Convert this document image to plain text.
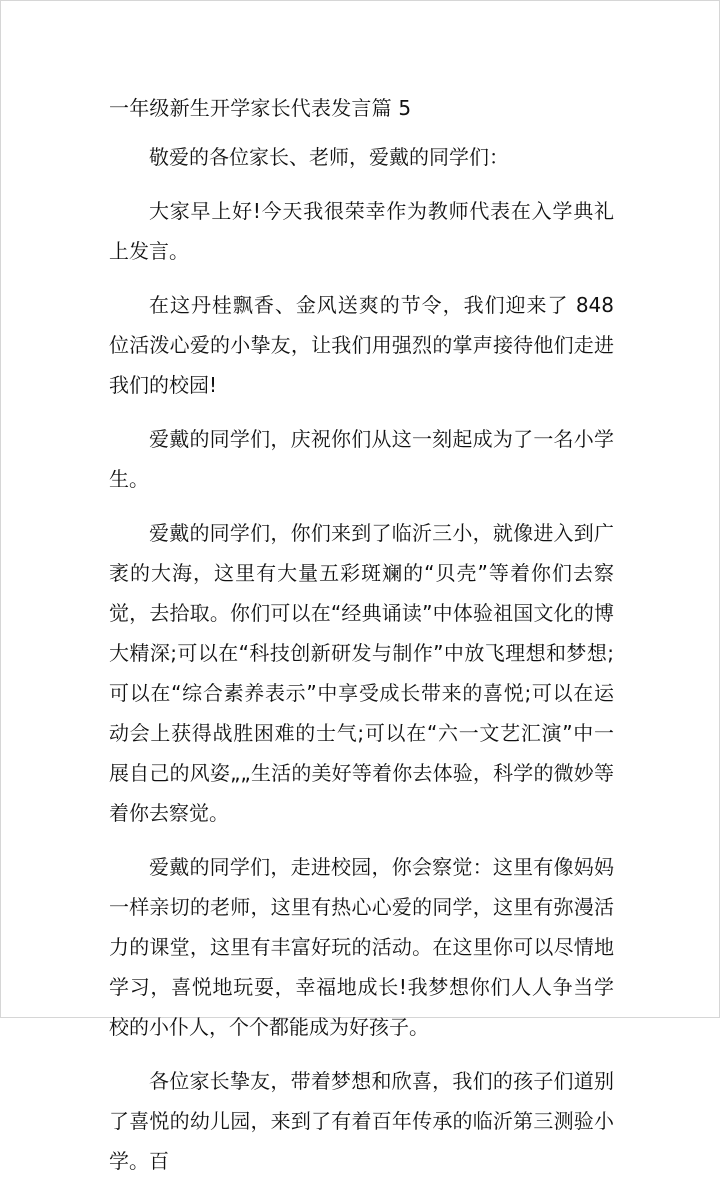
一年级新生开学家长代表发言篇 5

敬爱的各位家长、老师，爱戴的同学们：

大家早上好!今天我很荣幸作为教师代表在入学典礼上发言。

在这丹桂飘香、金风送爽的节令，我们迎来了 848 位活泼心爱的小挚友，让我们用强烈的掌声接待他们走进我们的校园!

爱戴的同学们，庆祝你们从这一刻起成为了一名小学生。

爱戴的同学们，你们来到了临沂三小，就像进入到广袤的大海，这里有大量五彩斑斓的“贝壳”等着你们去察觉，去拾取。你们可以在“经典诵读”中体验祖国文化的博大精深;可以在“科技创新研发与制作”中放飞理想和梦想;可以在“综合素养表示”中享受成长带来的喜悦;可以在运动会上获得战胜困难的士气;可以在“六一文艺汇演”中一展自己的风姿„„生活的美好等着你去体验，科学的微妙等着你去察觉。

爱戴的同学们，走进校园，你会察觉：这里有像妈妈一样亲切的老师，这里有热心心爱的同学，这里有弥漫活力的课堂，这里有丰富好玩的活动。在这里你可以尽情地学习，喜悦地玩耍，幸福地成长!我梦想你们人人争当学校的小仆人，个个都能成为好孩子。

各位家长挚友，带着梦想和欣喜，我们的孩子们道别了喜悦的幼儿园，来到了有着百年传承的临沂第三测验小学。百
